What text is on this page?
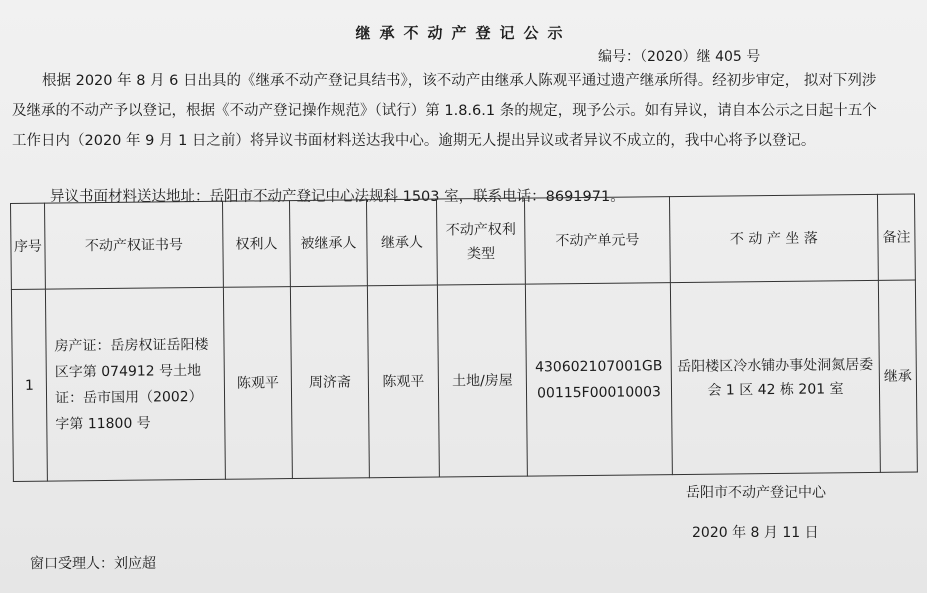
继承不动产登记公示
编号：（2020）继 405 号

根据 2020 年 8 月 6 日出具的《继承不动产登记具结书》，该不动产由继承人陈观平通过遗产继承所得。经初步审定， 拟对下列涉及继承的不动产予以登记，根据《不动产登记操作规范》（试行）第 1.8.6.1 条的规定，现予公示。如有异议，请自本公示之日起十五个工作日内（2020 年 9 月 1 日之前）将异议书面材料送达我中心。逾期无人提出异议或者异议不成立的，我中心将予以登记。

异议书面材料送达地址：岳阳市不动产登记中心法规科 1503 室，联系电话：8691971。
序号	不动产权证书号	权利人	被继承人	继承人	不动产权利类型	不动产单元号	不 动 产 坐 落	备注
1	房产证：岳房权证岳阳楼区字第 074912 号土地证：岳市国用（2002）字第 11800 号	陈观平	周济斋	陈观平	土地/房屋	430602107001GB00115F00010003	岳阳楼区冷水铺办事处洞氮居委会 1 区 42 栋 201 室	继承
岳阳市不动产登记中心
2020 年 8 月 11 日
窗口受理人：刘应超
